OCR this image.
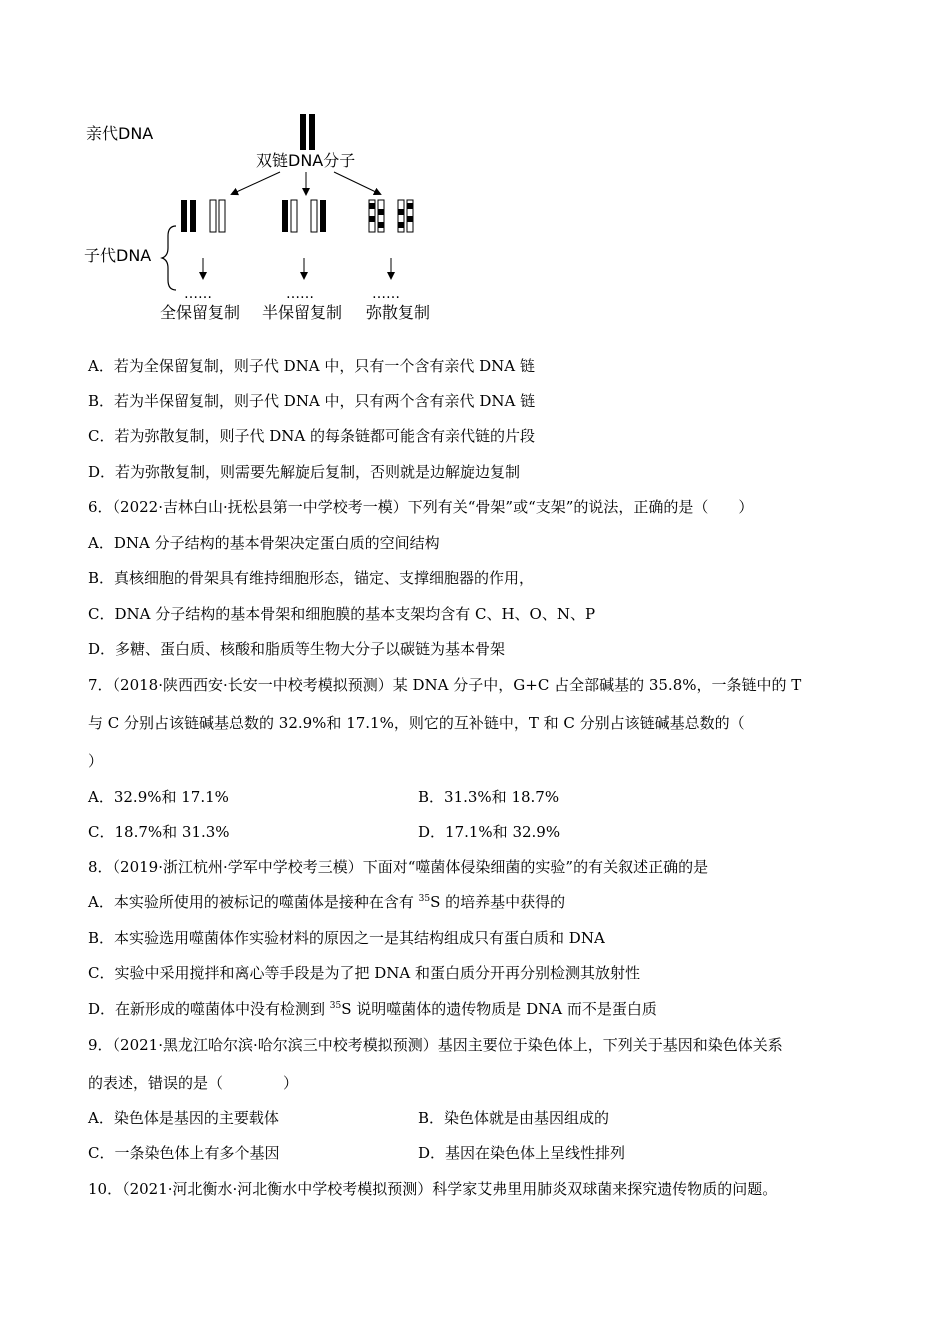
亲代DNA
双链DNA分子
子代DNA
……	……	……
全保留复制 半保留复制 弥散复制
A．若为全保留复制，则子代 DNA 中，只有一个含有亲代 DNA 链
B．若为半保留复制，则子代 DNA 中，只有两个含有亲代 DNA 链
C．若为弥散复制，则子代 DNA 的每条链都可能含有亲代链的片段
D．若为弥散复制，则需要先解旋后复制，否则就是边解旋边复制
6．（2022·吉林白山·抚松县第一中学校考一模）下列有关“骨架”或“支架”的说法，正确的是（　　）
A．DNA 分子结构的基本骨架决定蛋白质的空间结构
B．真核细胞的骨架具有维持细胞形态，锚定、支撑细胞器的作用，
C．DNA 分子结构的基本骨架和细胞膜的基本支架均含有 C、H、O、N、P
D．多糖、蛋白质、核酸和脂质等生物大分子以碳链为基本骨架
7．（2018·陕西西安·长安一中校考模拟预测）某 DNA 分子中，G+C 占全部碱基的 35.8%，一条链中的 T
与 C 分别占该链碱基总数的 32.9%和 17.1%，则它的互补链中，T 和 C 分别占该链碱基总数的（
）
A．32.9%和 17.1%	B．31.3%和 18.7%
C．18.7%和 31.3%	D．17.1%和 32.9%
8．（2019·浙江杭州·学军中学校考三模）下面对“噬菌体侵染细菌的实验”的有关叙述正确的是
A．本实验所使用的被标记的噬菌体是接种在含有 $^{35}$S 的培养基中获得的
B．本实验选用噬菌体作实验材料的原因之一是其结构组成只有蛋白质和 DNA
C．实验中采用搅拌和离心等手段是为了把 DNA 和蛋白质分开再分别检测其放射性
D．在新形成的噬菌体中没有检测到 $^{35}$S 说明噬菌体的遗传物质是 DNA 而不是蛋白质
9．（2021·黑龙江哈尔滨·哈尔滨三中校考模拟预测）基因主要位于染色体上，下列关于基因和染色体关系
的表述，错误的是（　　　　）
A．染色体是基因的主要载体	B．染色体就是由基因组成的
C．一条染色体上有多个基因	D．基因在染色体上呈线性排列
10．（2021·河北衡水·河北衡水中学校考模拟预测）科学家艾弗里用肺炎双球菌来探究遗传物质的问题。
